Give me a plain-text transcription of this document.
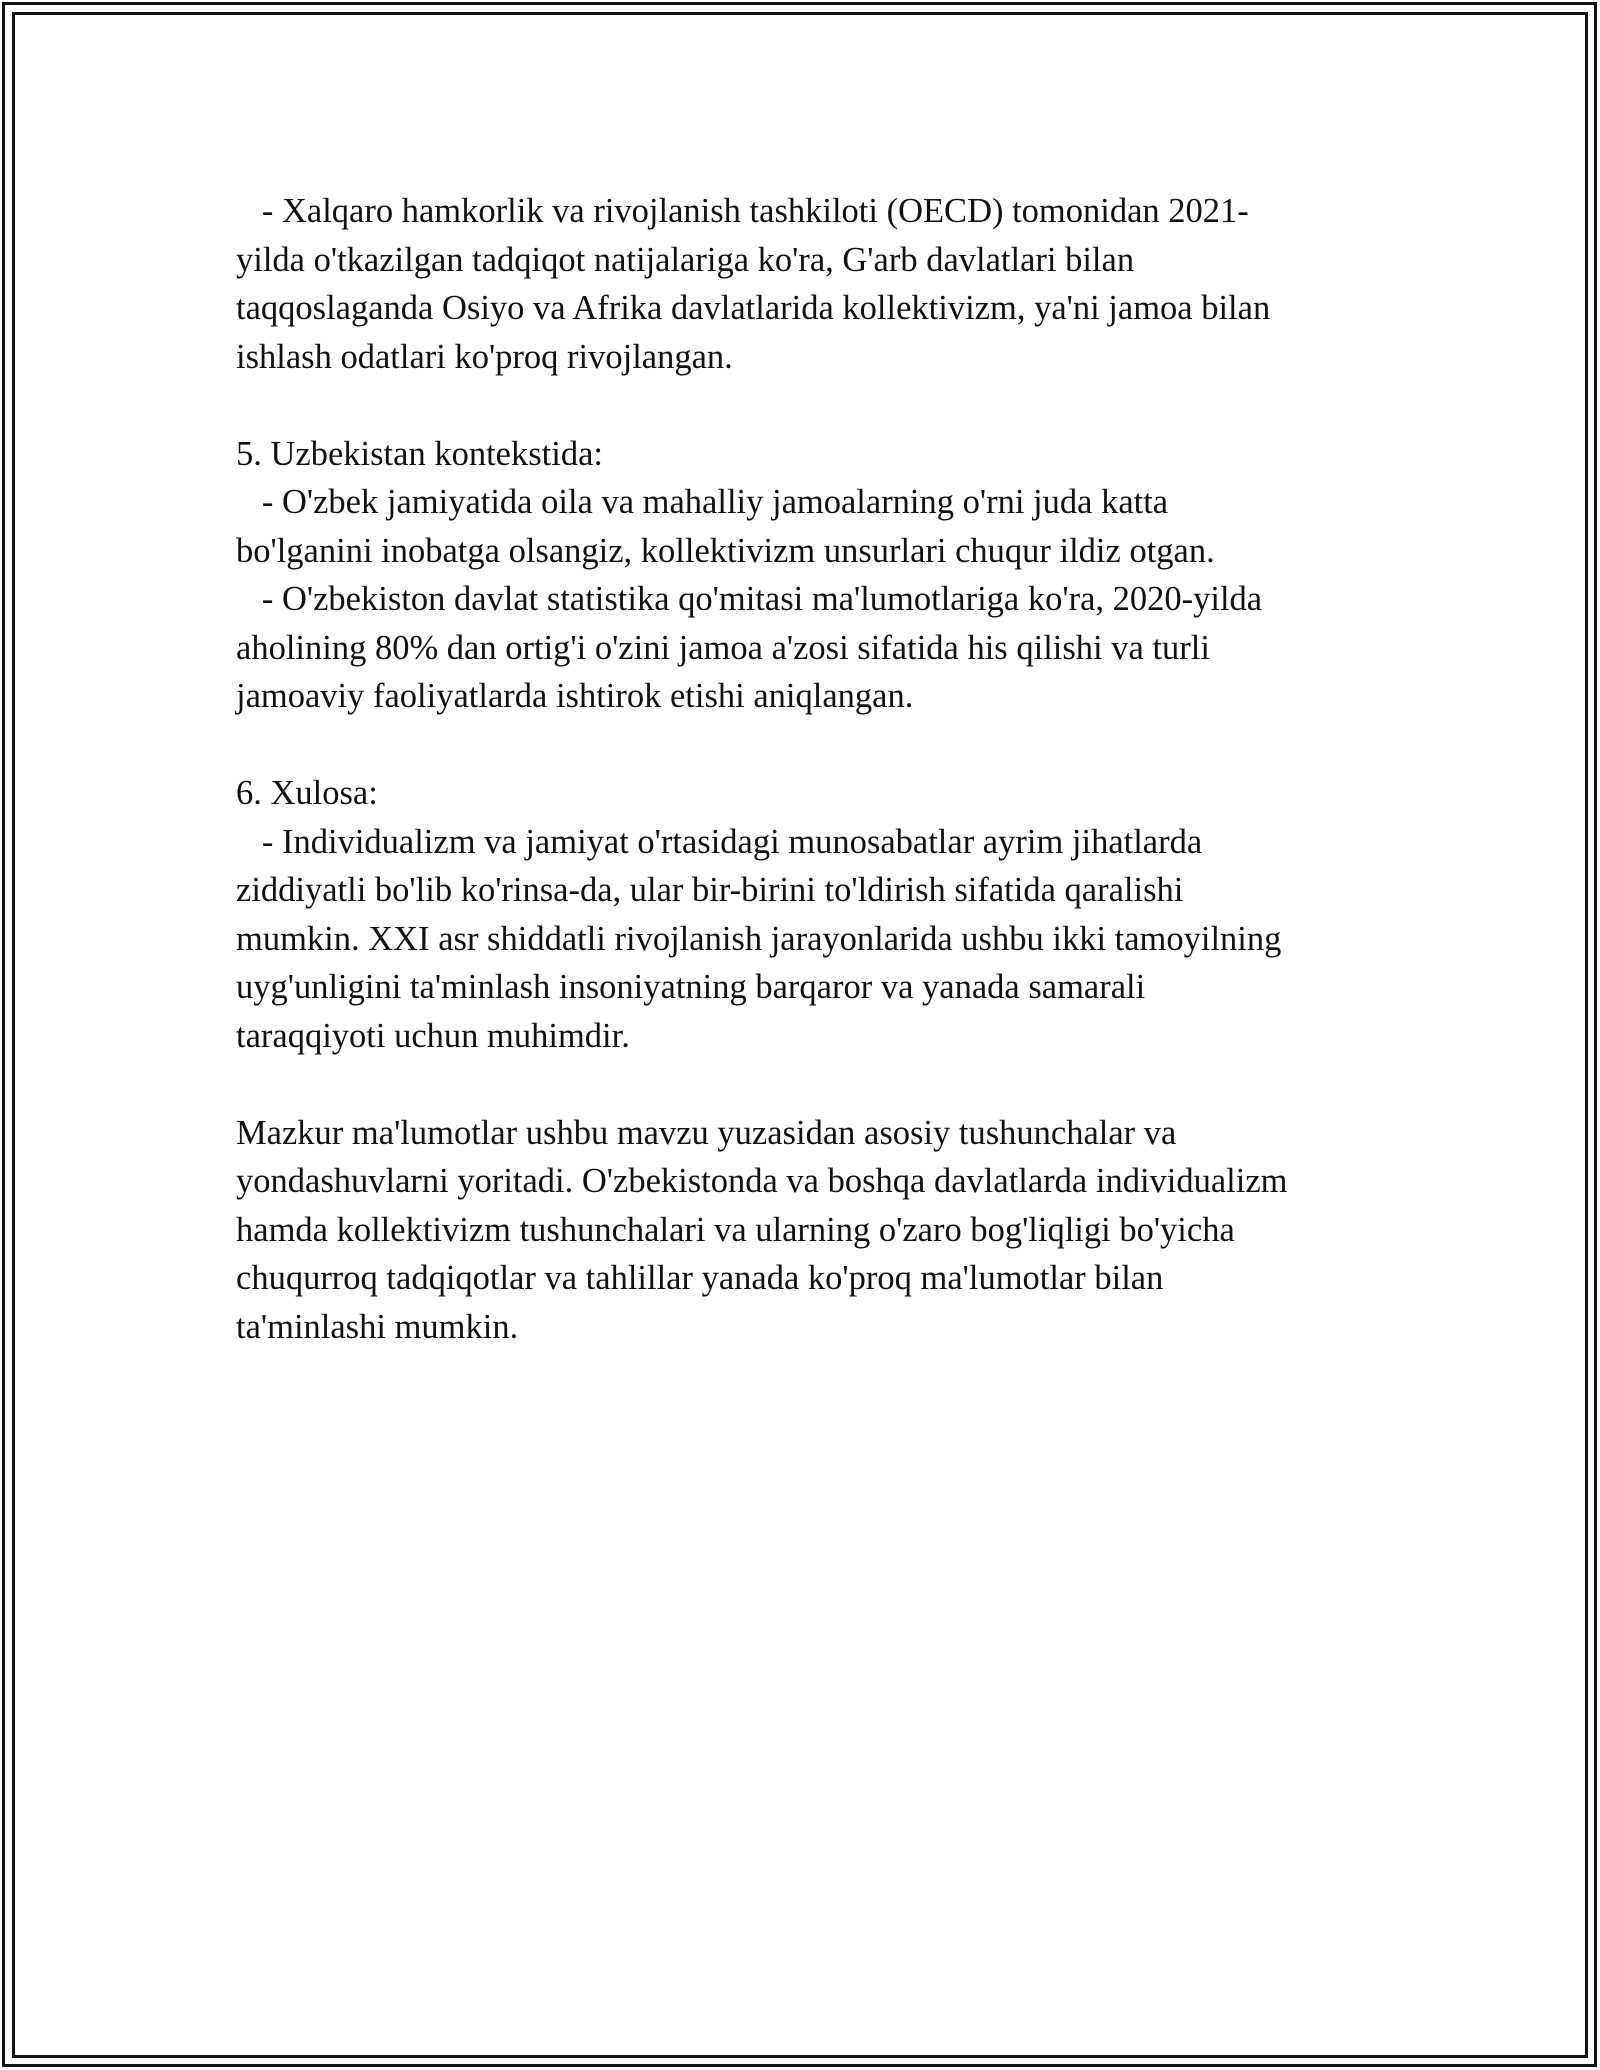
- Xalqaro hamkorlik va rivojlanish tashkiloti (OECD) tomonidan 2021-
yilda o'tkazilgan tadqiqot natijalariga ko'ra, G'arb davlatlari bilan
taqqoslaganda Osiyo va Afrika davlatlarida kollektivizm, ya'ni jamoa bilan
ishlash odatlari ko'proq rivojlangan.
5. Uzbekistan kontekstida:
- O'zbek jamiyatida oila va mahalliy jamoalarning o'rni juda katta
bo'lganini inobatga olsangiz, kollektivizm unsurlari chuqur ildiz otgan.
- O'zbekiston davlat statistika qo'mitasi ma'lumotlariga ko'ra, 2020-yilda
aholining 80% dan ortig'i o'zini jamoa a'zosi sifatida his qilishi va turli
jamoaviy faoliyatlarda ishtirok etishi aniqlangan.
6. Xulosa:
- Individualizm va jamiyat o'rtasidagi munosabatlar ayrim jihatlarda
ziddiyatli bo'lib ko'rinsa-da, ular bir-birini to'ldirish sifatida qaralishi
mumkin. XXI asr shiddatli rivojlanish jarayonlarida ushbu ikki tamoyilning
uyg'unligini ta'minlash insoniyatning barqaror va yanada samarali
taraqqiyoti uchun muhimdir.
Mazkur ma'lumotlar ushbu mavzu yuzasidan asosiy tushunchalar va
yondashuvlarni yoritadi. O'zbekistonda va boshqa davlatlarda individualizm
hamda kollektivizm tushunchalari va ularning o'zaro bog'liqligi bo'yicha
chuqurroq tadqiqotlar va tahlillar yanada ko'proq ma'lumotlar bilan
ta'minlashi mumkin.
